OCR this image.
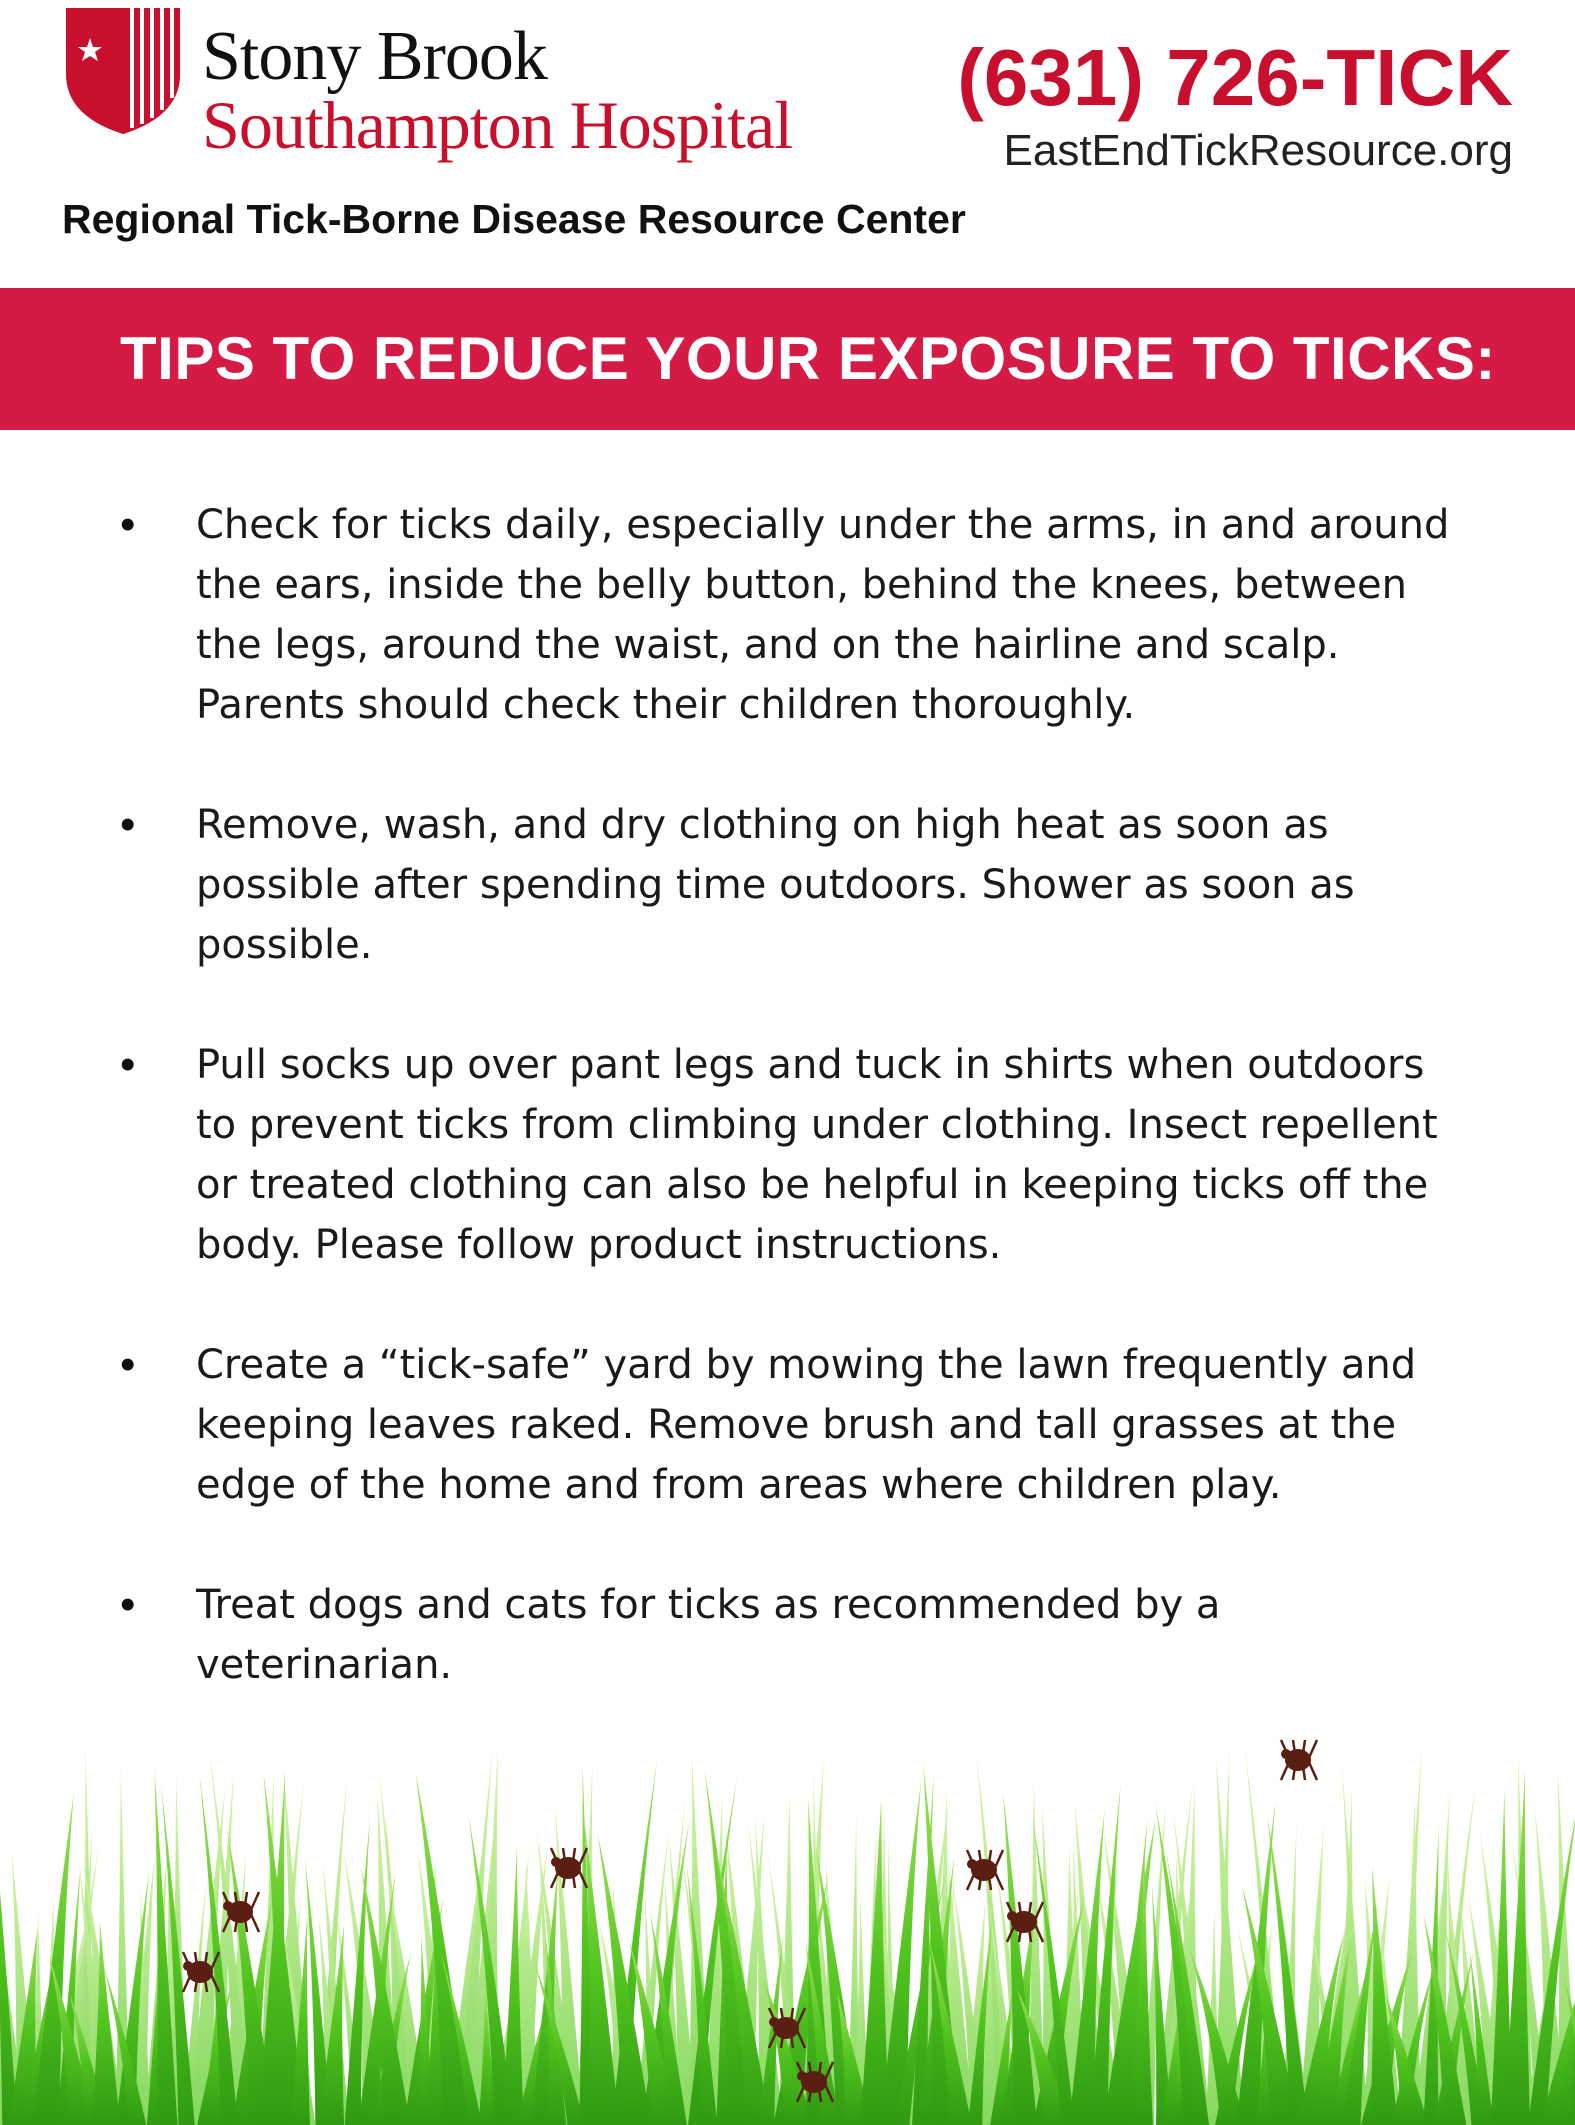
Stony Brook
Southampton Hospital
Regional Tick-Borne Disease Resource Center
(631) 726-TICK
EastEndTickResource.org
TIPS TO REDUCE YOUR EXPOSURE TO TICKS:
• Check for ticks daily, especially under the arms, in and around the ears, inside the belly button, behind the knees, between the legs, around the waist, and on the hairline and scalp. Parents should check their children thoroughly.
• Remove, wash, and dry clothing on high heat as soon as possible after spending time outdoors. Shower as soon as possible.
• Pull socks up over pant legs and tuck in shirts when outdoors to prevent ticks from climbing under clothing. Insect repellent or treated clothing can also be helpful in keeping ticks off the body. Please follow product instructions.
• Create a “tick-safe” yard by mowing the lawn frequently and keeping leaves raked. Remove brush and tall grasses at the edge of the home and from areas where children play.
• Treat dogs and cats for ticks as recommended by a veterinarian.
